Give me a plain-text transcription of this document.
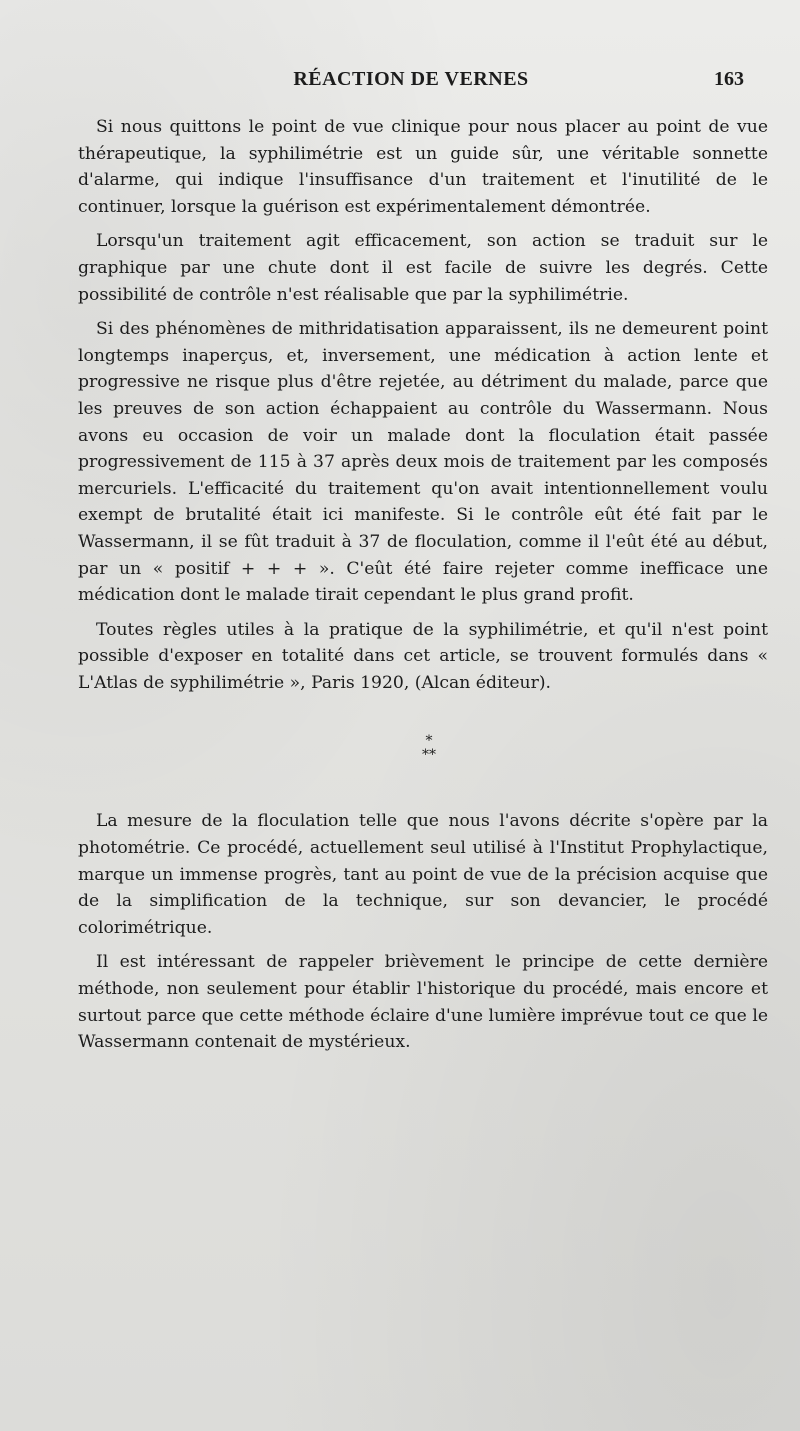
RÉACTION DE VERNES	163

Si nous quittons le point de vue clinique pour nous placer au point de vue thérapeutique, la syphilimétrie est un guide sûr, une véritable sonnette d'alarme, qui indique l'insuffisance d'un traitement et l'inutilité de le continuer, lorsque la guérison est expérimentalement démontrée.

Lorsqu'un traitement agit efficacement, son action se traduit sur le graphique par une chute dont il est facile de suivre les degrés. Cette possibilité de contrôle n'est réalisable que par la syphilimétrie.

Si des phénomènes de mithridatisation apparaissent, ils ne demeurent point longtemps inaperçus, et, inversement, une médication à action lente et progressive ne risque plus d'être rejetée, au détriment du malade, parce que les preuves de son action échappaient au contrôle du Wassermann. Nous avons eu occasion de voir un malade dont la floculation était passée progressivement de 115 à 37 après deux mois de traitement par les composés mercuriels. L'efficacité du traitement qu'on avait intentionnellement voulu exempt de brutalité était ici manifeste. Si le contrôle eût été fait par le Wassermann, il se fût traduit à 37 de floculation, comme il l'eût été au début, par un « positif + + + ». C'eût été faire rejeter comme inefficace une médication dont le malade tirait cependant le plus grand profit.

Toutes règles utiles à la pratique de la syphilimétrie, et qu'il n'est point possible d'exposer en totalité dans cet article, se trouvent formulés dans « L'Atlas de syphilimétrie », Paris 1920, (Alcan éditeur).

*
**

La mesure de la floculation telle que nous l'avons décrite s'opère par la photométrie. Ce procédé, actuellement seul utilisé à l'Institut Prophylactique, marque un immense progrès, tant au point de vue de la précision acquise que de la simplification de la technique, sur son devancier, le procédé colorimétrique.

Il est intéressant de rappeler brièvement le principe de cette dernière méthode, non seulement pour établir l'historique du procédé, mais encore et surtout parce que cette méthode éclaire d'une lumière imprévue tout ce que le Wassermann contenait de mystérieux.
